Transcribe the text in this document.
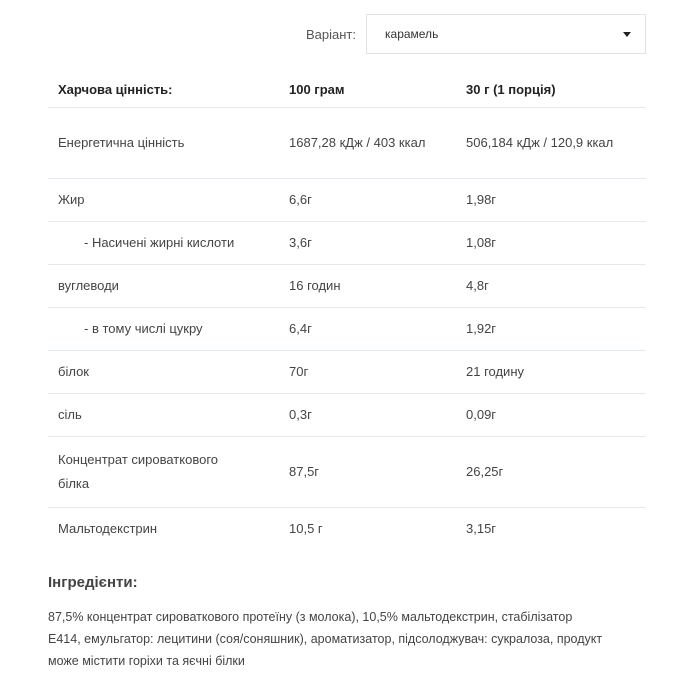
Варіант: карамель
Харчова цінність:	100 грам	30 г (1 порція)
Енергетична цінність	1687,28 кДж / 403 ккал	506,184 кДж / 120,9 ккал
Жир	6,6г	1,98г
- Насичені жирні кислоти	3,6г	1,08г
вуглеводи	16 годин	4,8г
- в тому числі цукру	6,4г	1,92г
білок	70г	21 годину
сіль	0,3г	0,09г
Концентрат сироваткового білка	87,5г	26,25г
Мальтодекстрин	10,5 г	3,15г
Інгредієнти:
87,5% концентрат сироваткового протеїну (з молока), 10,5% мальтодекстрин, стабілізатор E414, емульгатор: лецитини (соя/соняшник), ароматизатор, підсолоджувач: сукралоза, продукт може містити горіхи та яєчні білки
